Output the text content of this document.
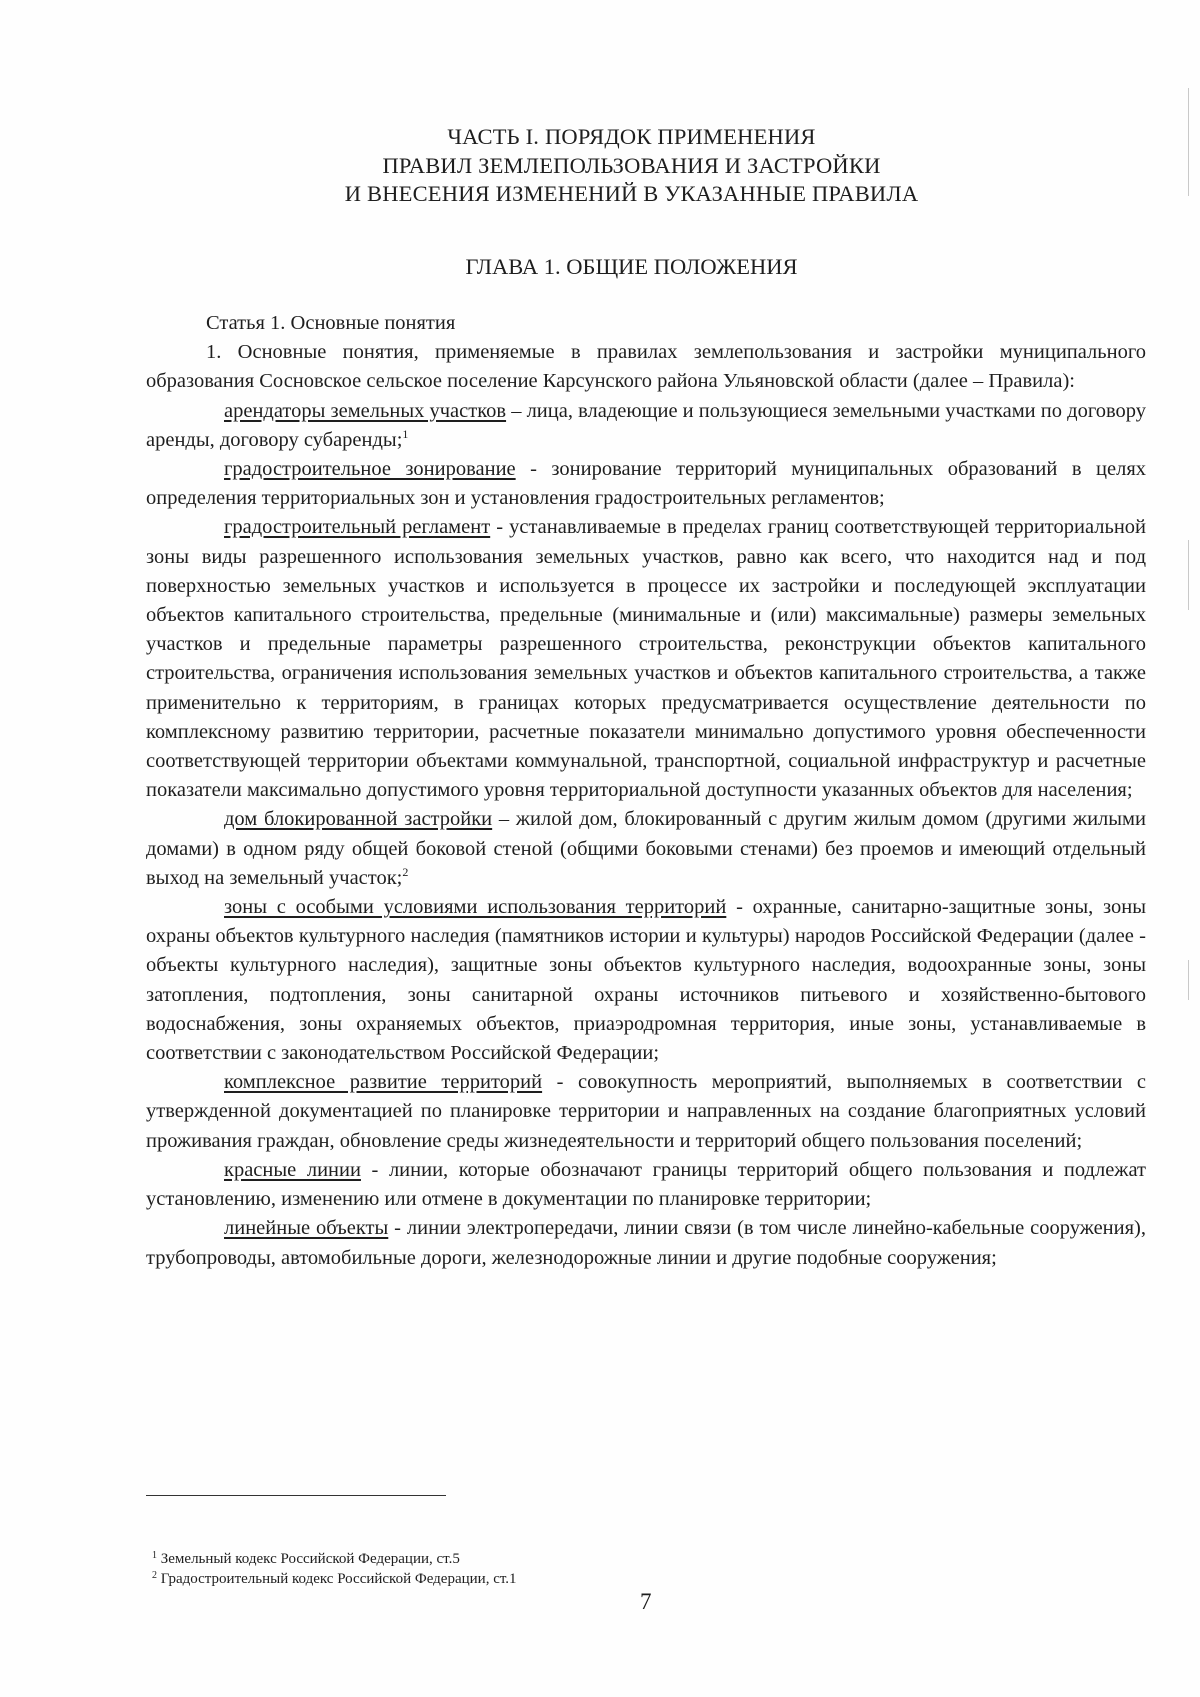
ЧАСТЬ I. ПОРЯДОК ПРИМЕНЕНИЯ
ПРАВИЛ ЗЕМЛЕПОЛЬЗОВАНИЯ И ЗАСТРОЙКИ
И ВНЕСЕНИЯ ИЗМЕНЕНИЙ В УКАЗАННЫЕ ПРАВИЛА
ГЛАВА 1. ОБЩИЕ ПОЛОЖЕНИЯ

Статья 1. Основные понятия

1. Основные понятия, применяемые в правилах землепользования и застройки муниципального образования Сосновское сельское поселение Карсунского района Ульяновской области (далее – Правила):

арендаторы земельных участков – лица, владеющие и пользующиеся земельными участками по договору аренды, договору субаренды;$^1$

градостроительное зонирование - зонирование территорий муниципальных образований в целях определения территориальных зон и установления градостроительных регламентов;

градостроительный регламент - устанавливаемые в пределах границ соответствующей территориальной зоны виды разрешенного использования земельных участков, равно как всего, что находится над и под поверхностью земельных участков и используется в процессе их застройки и последующей эксплуатации объектов капитального строительства, предельные (минимальные и (или) максимальные) размеры земельных участков и предельные параметры разрешенного строительства, реконструкции объектов капитального строительства, ограничения использования земельных участков и объектов капитального строительства, а также применительно к территориям, в границах которых предусматривается осуществление деятельности по комплексному развитию территории, расчетные показатели минимально допустимого уровня обеспеченности соответствующей территории объектами коммунальной, транспортной, социальной инфраструктур и расчетные показатели максимально допустимого уровня территориальной доступности указанных объектов для населения;

дом блокированной застройки – жилой дом, блокированный с другим жилым домом (другими жилыми домами) в одном ряду общей боковой стеной (общими боковыми стенами) без проемов и имеющий отдельный выход на земельный участок;$^2$

зоны с особыми условиями использования территорий - охранные, санитарно-защитные зоны, зоны охраны объектов культурного наследия (памятников истории и культуры) народов Российской Федерации (далее - объекты культурного наследия), защитные зоны объектов культурного наследия, водоохранные зоны, зоны затопления, подтопления, зоны санитарной охраны источников питьевого и хозяйственно-бытового водоснабжения, зоны охраняемых объектов, приаэродромная территория, иные зоны, устанавливаемые в соответствии с законодательством Российской Федерации;

комплексное развитие территорий - совокупность мероприятий, выполняемых в соответствии с утвержденной документацией по планировке территории и направленных на создание благоприятных условий проживания граждан, обновление среды жизнедеятельности и территорий общего пользования поселений;

красные линии - линии, которые обозначают границы территорий общего пользования и подлежат установлению, изменению или отмене в документации по планировке территории;

линейные объекты - линии электропередачи, линии связи (в том числе линейно-кабельные сооружения), трубопроводы, автомобильные дороги, железнодорожные линии и другие подобные сооружения;

$^1$ Земельный кодекс Российской Федерации, ст.5
$^2$ Градостроительный кодекс Российской Федерации, ст.1
7
